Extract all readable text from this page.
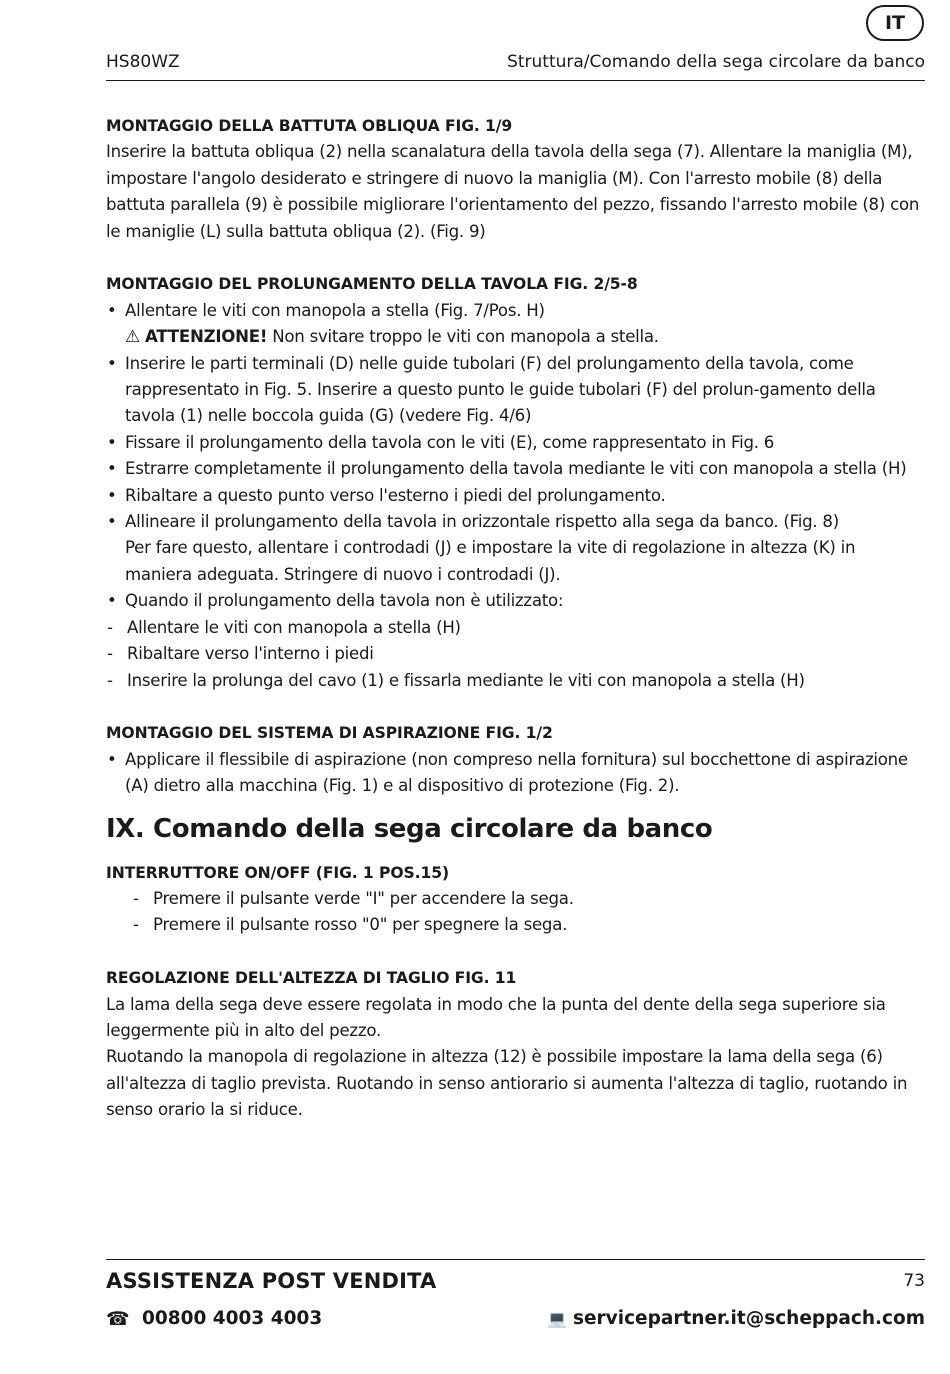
IT
HS80WZ	Struttura/Comando della sega circolare da banco

MONTAGGIO DELLA BATTUTA OBLIQUA FIG. 1/9

Inserire la battuta obliqua (2) nella scanalatura della tavola della sega (7). Allentare la maniglia (M), impostare l'angolo desiderato e stringere di nuovo la maniglia (M). Con l'arresto mobile (8) della battuta parallela (9) è possibile migliorare l'orientamento del pezzo, fissando l'arresto mobile (8) con le maniglie (L) sulla battuta obliqua (2). (Fig. 9)

MONTAGGIO DEL PROLUNGAMENTO DELLA TAVOLA FIG. 2/5-8

• Allentare le viti con manopola a stella (Fig. 7/Pos. H)
⚠ ATTENZIONE! Non svitare troppo le viti con manopola a stella.
• Inserire le parti terminali (D) nelle guide tubolari (F) del prolungamento della tavola, come rappresentato in Fig. 5. Inserire a questo punto le guide tubolari (F) del prolun-gamento della tavola (1) nelle boccola guida (G) (vedere Fig. 4/6)
• Fissare il prolungamento della tavola con le viti (E), come rappresentato in Fig. 6
• Estrarre completamente il prolungamento della tavola mediante le viti con manopola a stella (H)
• Ribaltare a questo punto verso l'esterno i piedi del prolungamento.
• Allineare il prolungamento della tavola in orizzontale rispetto alla sega da banco. (Fig. 8)
Per fare questo, allentare i controdadi (J) e impostare la vite di regolazione in altezza (K) in maniera adeguata. Stringere di nuovo i controdadi (J).
• Quando il prolungamento della tavola non è utilizzato:
- Allentare le viti con manopola a stella (H)
- Ribaltare verso l'interno i piedi
- Inserire la prolunga del cavo (1) e fissarla mediante le viti con manopola a stella (H)

MONTAGGIO DEL SISTEMA DI ASPIRAZIONE FIG. 1/2

• Applicare il flessibile di aspirazione (non compreso nella fornitura) sul bocchettone di aspirazione (A) dietro alla macchina (Fig. 1) e al dispositivo di protezione (Fig. 2).
IX. Comando della sega circolare da banco

INTERRUTTORE ON/OFF (FIG. 1 POS.15)

- Premere il pulsante verde "I" per accendere la sega.
- Premere il pulsante rosso "0" per spegnere la sega.

REGOLAZIONE DELL'ALTEZZA DI TAGLIO FIG. 11

La lama della sega deve essere regolata in modo che la punta del dente della sega superiore sia leggermente più in alto del pezzo.

Ruotando la manopola di regolazione in altezza (12) è possibile impostare la lama della sega (6) all'altezza di taglio prevista. Ruotando in senso antiorario si aumenta l'altezza di taglio, ruotando in senso orario la si riduce.

ASSISTENZA POST VENDITA	73
☎ 00800 4003 4003	💻 servicepartner.it@scheppach.com
